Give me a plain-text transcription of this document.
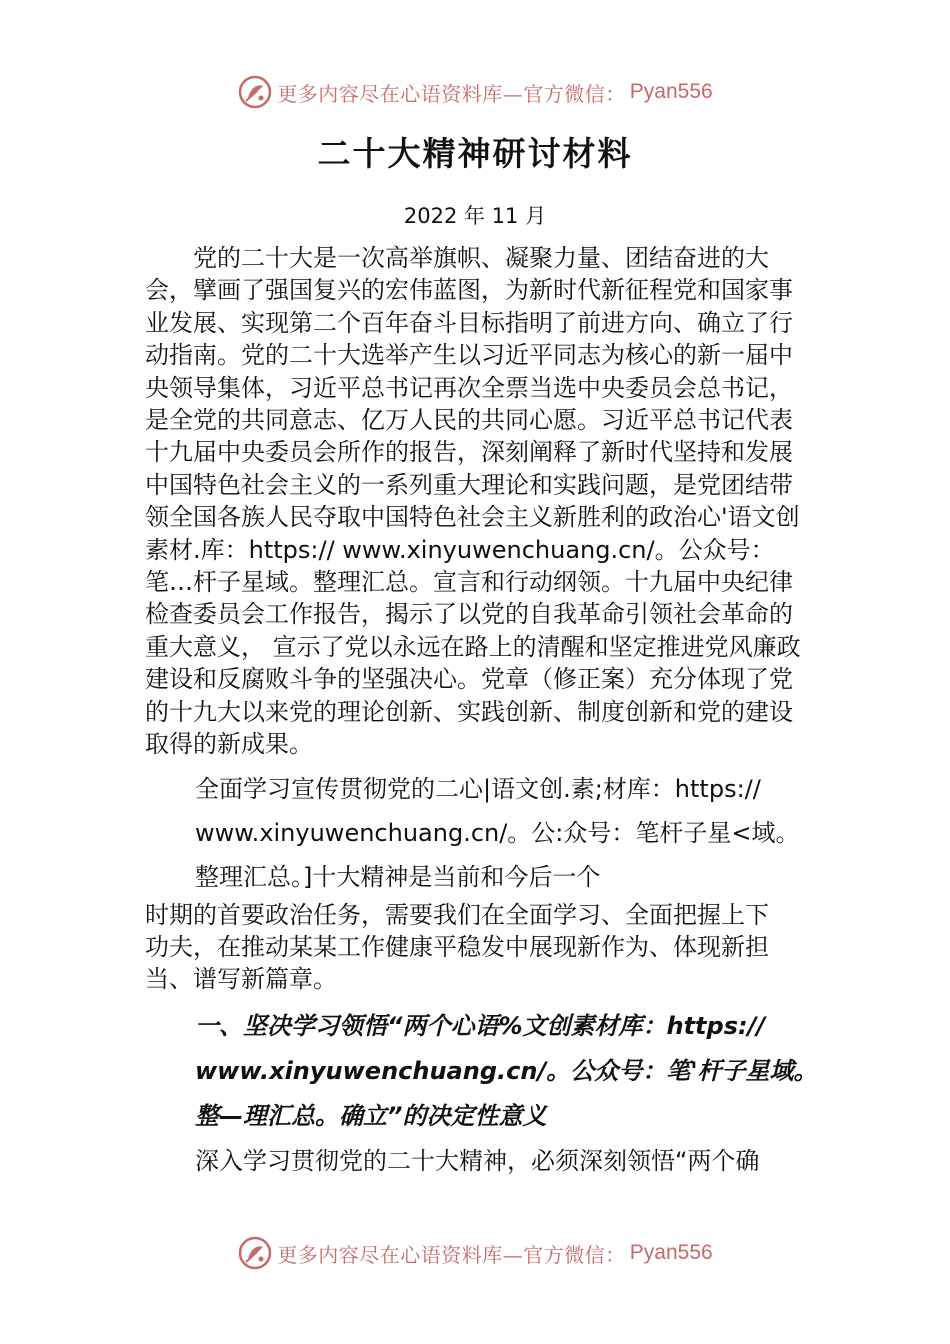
更多内容尽在心语资料库—官方微信： Pyan556
二十大精神研讨材料
2022 年 11 月

党的二十大是一次高举旗帜、凝聚力量、团结奋进的大会，擘画了强国复兴的宏伟蓝图，为新时代新征程党和国家事业发展、实现第二个百年奋斗目标指明了前进方向、确立了行动指南。党的二十大选举产生以习近平同志为核心的新一届中央领导集体，习近平总书记再次全票当选中央委员会总书记，是全党的共同意志、亿万人民的共同心愿。习近平总书记代表十九届中央委员会所作的报告，深刻阐释了新时代坚持和发展中国特色社会主义的一系列重大理论和实践问题，是党团结带领全国各族人民夺取中国特色社会主义新胜利的政治心'语文创素材.库：https:// www.xinyuwenchuang.cn/。公众号：笔…杆子星域。整理汇总。宣言和行动纲领。十九届中央纪律检查委员会工作报告，揭示了以党的自我革命引领社会革命的重大意义， 宣示了党以永远在路上的清醒和坚定推进党风廉政建设和反腐败斗争的坚强决心。党章（修正案）充分体现了党的十九大以来党的理论创新、实践创新、制度创新和党的建设取得的新成果。

全面学习宣传贯彻党的二心|语文创.素;材库：https://

www.xinyuwenchuang.cn/。公:众号：笔杆子星<域。

整理汇总。]十大精神是当前和今后一个

时期的首要政治任务，需要我们在全面学习、全面把握上下

功夫，在推动某某工作健康平稳发中展现新作为、体现新担

当、谱写新篇章。

一、坚决学习领悟“两个心语%文创素材库：https://

www.xinyuwenchuang.cn/。公众号：笔'杆子星域。

整—理汇总。确立”的决定性意义

深入学习贯彻党的二十大精神，必须深刻领悟“两个确

更多内容尽在心语资料库—官方微信： Pyan556
